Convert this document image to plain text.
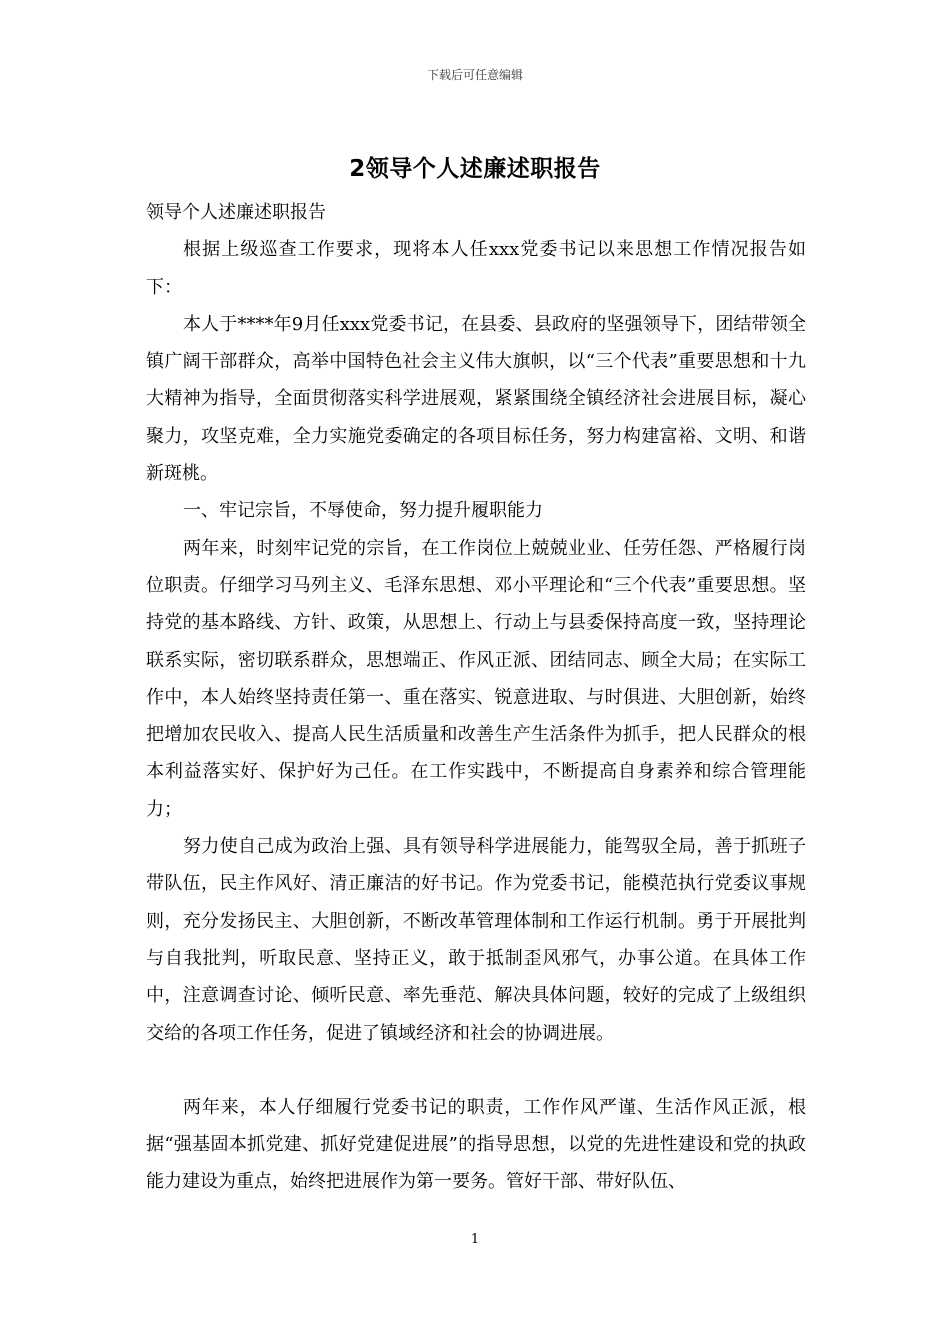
下载后可任意编辑
2领导个人述廉述职报告

领导个人述廉述职报告

根据上级巡查工作要求，现将本人任xxx党委书记以来思想工作情况报告如下：

本人于****年9月任xxx党委书记，在县委、县政府的坚强领导下，团结带领全镇广阔干部群众，高举中国特色社会主义伟大旗帜，以“三个代表”重要思想和十九大精神为指导，全面贯彻落实科学进展观，紧紧围绕全镇经济社会进展目标，凝心聚力，攻坚克难，全力实施党委确定的各项目标任务，努力构建富裕、文明、和谐新斑桃。

一、牢记宗旨，不辱使命，努力提升履职能力

两年来，时刻牢记党的宗旨，在工作岗位上兢兢业业、任劳任怨、严格履行岗位职责。仔细学习马列主义、毛泽东思想、邓小平理论和“三个代表”重要思想。坚持党的基本路线、方针、政策，从思想上、行动上与县委保持高度一致，坚持理论联系实际，密切联系群众，思想端正、作风正派、团结同志、顾全大局；在实际工作中，本人始终坚持责任第一、重在落实、锐意进取、与时俱进、大胆创新，始终把增加农民收入、提高人民生活质量和改善生产生活条件为抓手，把人民群众的根本利益落实好、保护好为己任。在工作实践中，不断提高自身素养和综合管理能力；

努力使自己成为政治上强、具有领导科学进展能力，能驾驭全局，善于抓班子带队伍，民主作风好、清正廉洁的好书记。作为党委书记，能模范执行党委议事规则，充分发扬民主、大胆创新，不断改革管理体制和工作运行机制。勇于开展批判与自我批判，听取民意、坚持正义，敢于抵制歪风邪气，办事公道。在具体工作中，注意调查讨论、倾听民意、率先垂范、解决具体问题，较好的完成了上级组织交给的各项工作任务，促进了镇域经济和社会的协调进展。

两年来，本人仔细履行党委书记的职责，工作作风严谨、生活作风正派，根据“强基固本抓党建、抓好党建促进展”的指导思想，以党的先进性建设和党的执政能力建设为重点，始终把进展作为第一要务。管好干部、带好队伍、

1
